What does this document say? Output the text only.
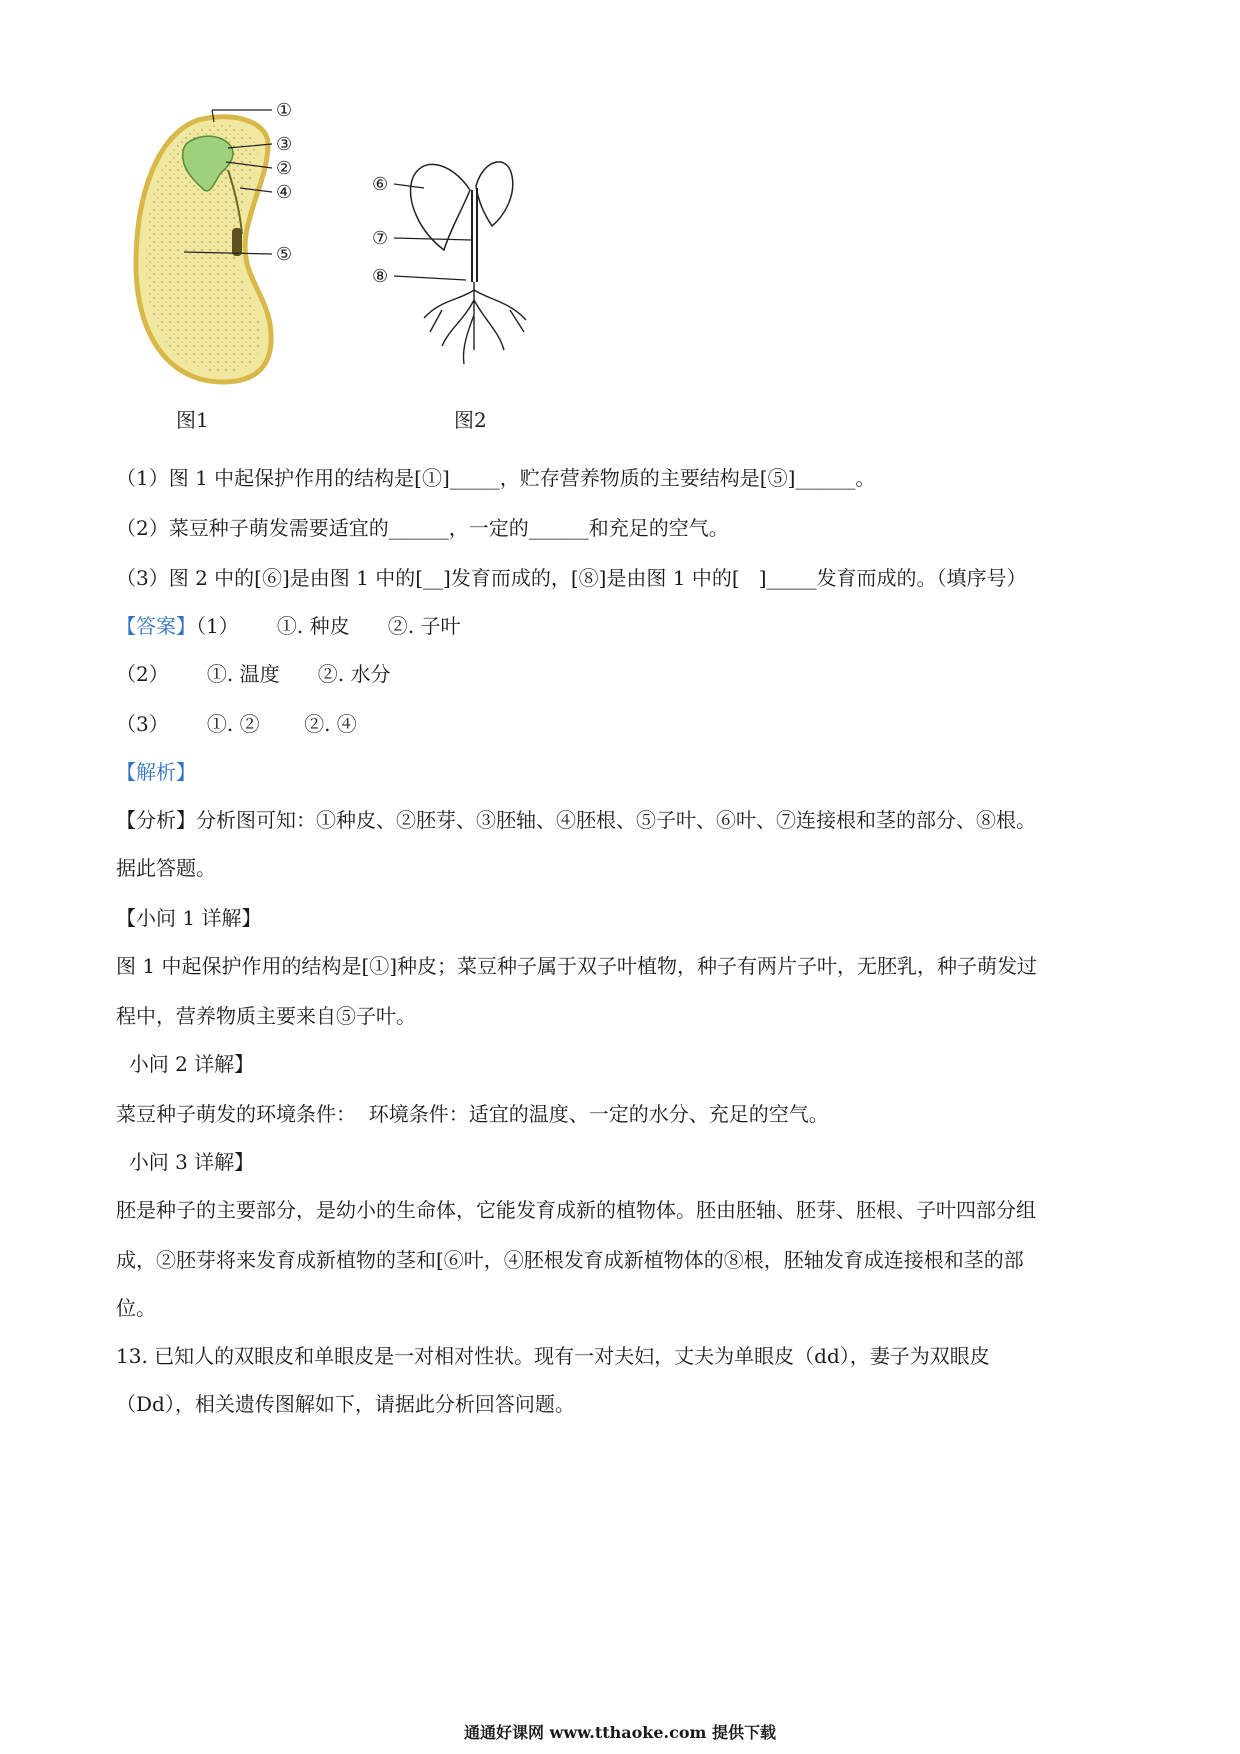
①
③
②
④
⑤
⑥
⑦
⑧
图1	图2
（1）图 1 中起保护作用的结构是[①]_____，贮存营养物质的主要结构是[⑤]______。
（2）菜豆种子萌发需要适宜的______，一定的______和充足的空气。
（3）图 2 中的[⑥]是由图 1 中的[__]发育而成的，[⑧]是由图 1 中的[   ]_____发育而成的。（填序号）
【答案】（1）      ①. 种皮      ②. 子叶
（2）      ①. 温度      ②. 水分
（3）      ①. ②       ②. ④
【解析】
【分析】分析图可知：①种皮、②胚芽、③胚轴、④胚根、⑤子叶、⑥叶、⑦连接根和茎的部分、⑧根。
据此答题。
【小问 1 详解】
图 1 中起保护作用的结构是[①]种皮；菜豆种子属于双子叶植物，种子有两片子叶，无胚乳，种子萌发过
程中，营养物质主要来自⑤子叶。
小问 2 详解】
菜豆种子萌发的环境条件：  环境条件：适宜的温度、一定的水分、充足的空气。
小问 3 详解】
胚是种子的主要部分，是幼小的生命体，它能发育成新的植物体。胚由胚轴、胚芽、胚根、子叶四部分组
成，②胚芽将来发育成新植物的茎和[⑥叶，④胚根发育成新植物体的⑧根，胚轴发育成连接根和茎的部
位。
13. 已知人的双眼皮和单眼皮是一对相对性状。现有一对夫妇，丈夫为单眼皮（dd），妻子为双眼皮
（Dd），相关遗传图解如下，请据此分析回答问题。
通通好课网 www.tthaoke.com 提供下载
